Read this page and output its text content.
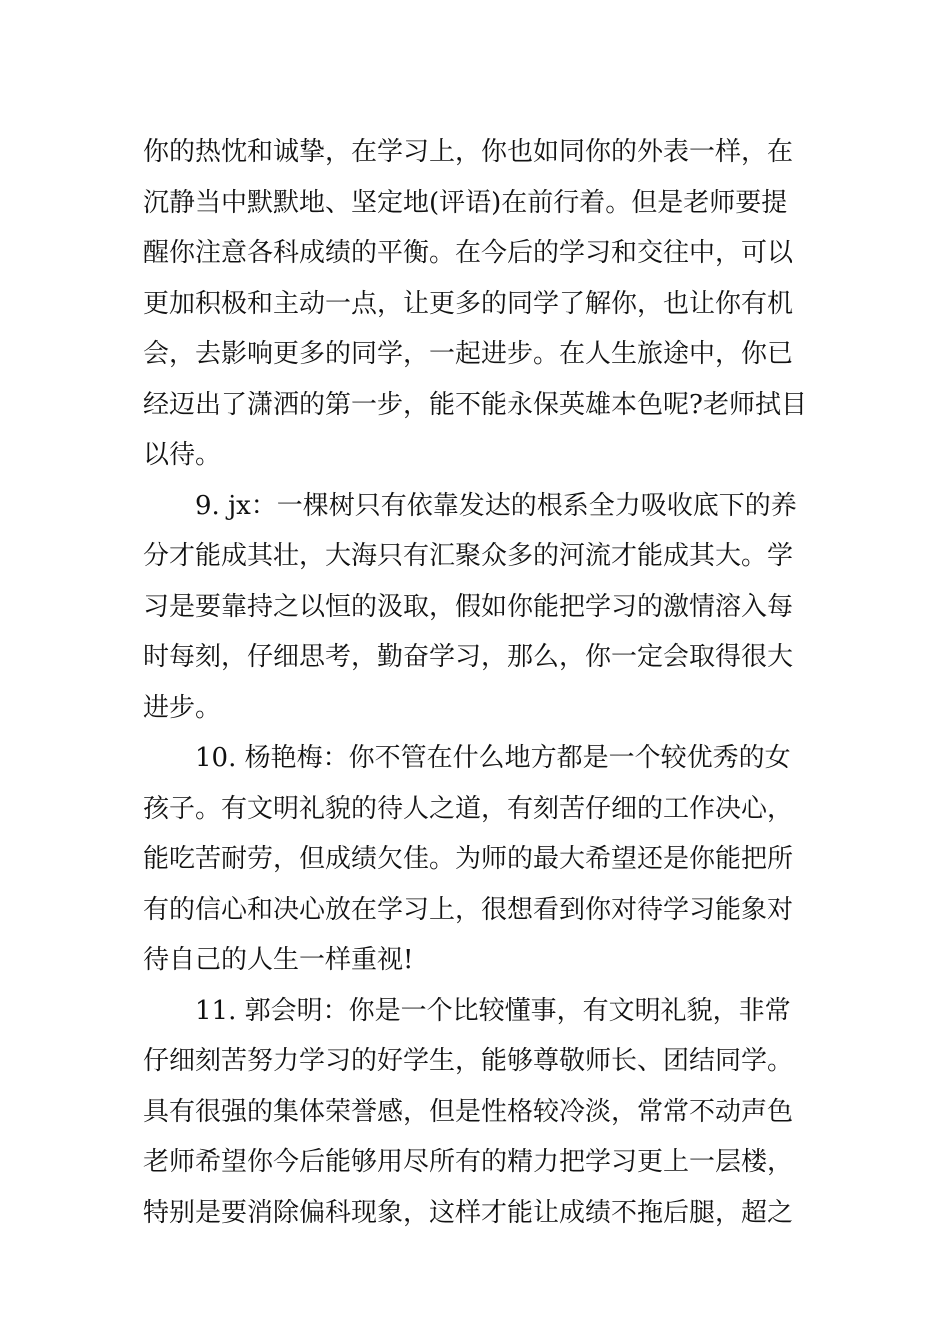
你的热忱和诚挚，在学习上，你也如同你的外表一样，在
沉静当中默默地、坚定地(评语)在前行着。但是老师要提
醒你注意各科成绩的平衡。在今后的学习和交往中，可以
更加积极和主动一点，让更多的同学了解你，也让你有机
会，去影响更多的同学，一起进步。在人生旅途中，你已
经迈出了潇洒的第一步，能不能永保英雄本色呢?老师拭目
以待。
9. jx：一棵树只有依靠发达的根系全力吸收底下的养
分才能成其壮，大海只有汇聚众多的河流才能成其大。学
习是要靠持之以恒的汲取，假如你能把学习的激情溶入每
时每刻，仔细思考，勤奋学习，那么，你一定会取得很大
进步。
10. 杨艳梅：你不管在什么地方都是一个较优秀的女
孩子。有文明礼貌的待人之道，有刻苦仔细的工作决心，
能吃苦耐劳，但成绩欠佳。为师的最大希望还是你能把所
有的信心和决心放在学习上，很想看到你对待学习能象对
待自己的人生一样重视!
11. 郭会明：你是一个比较懂事，有文明礼貌，非常
仔细刻苦努力学习的好学生，能够尊敬师长、团结同学。
具有很强的集体荣誉感，但是性格较冷淡，常常不动声色
老师希望你今后能够用尽所有的精力把学习更上一层楼，
特别是要消除偏科现象，这样才能让成绩不拖后腿，超之
